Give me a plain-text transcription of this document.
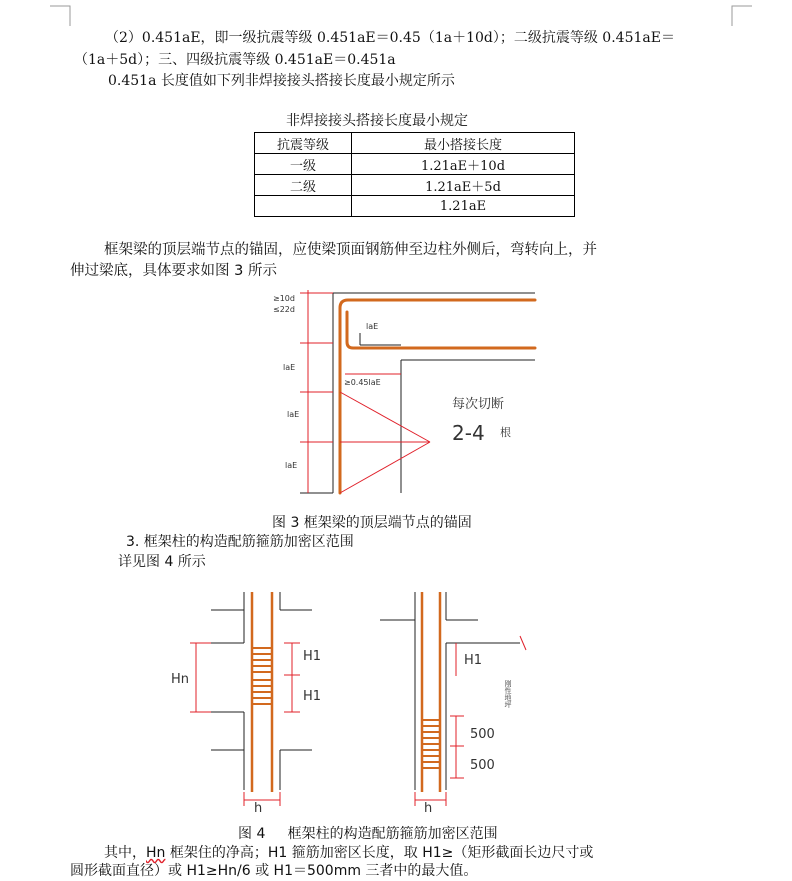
（2）0.451aE，即一级抗震等级 0.451aE＝0.45（1a＋10d）；二级抗震等级 0.451aE＝
（1a＋5d）；三、四级抗震等级 0.451aE＝0.451a
0.451a 长度值如下列非焊接接头搭接长度最小规定所示
非焊接接头搭接长度最小规定
抗震等级	最小搭接长度
一级	1.21aE＋10d
二级	1.21aE＋5d
	1.21aE
框架梁的顶层端节点的锚固，应使梁顶面钢筋伸至边柱外侧后，弯转向上，并
伸过梁底，具体要求如图 3 所示
≥10d
≤22d
laE
laE
laE
laE
≥0.45laE
每次切断
2-4 根
图 3 框架梁的顶层端节点的锚固
3. 框架柱的构造配筋箍筋加密区范围
详见图 4 所示
Hn
H1
H1
H1
500
500
h	h
刚性地坪
图 4     框架柱的构造配筋箍筋加密区范围
其中，Hn 框架住的净高；H1 箍筋加密区长度，取 H1≥（矩形截面长边尺寸或
圆形截面直径）或 H1≥Hn/6 或 H1＝500mm 三者中的最大值。
